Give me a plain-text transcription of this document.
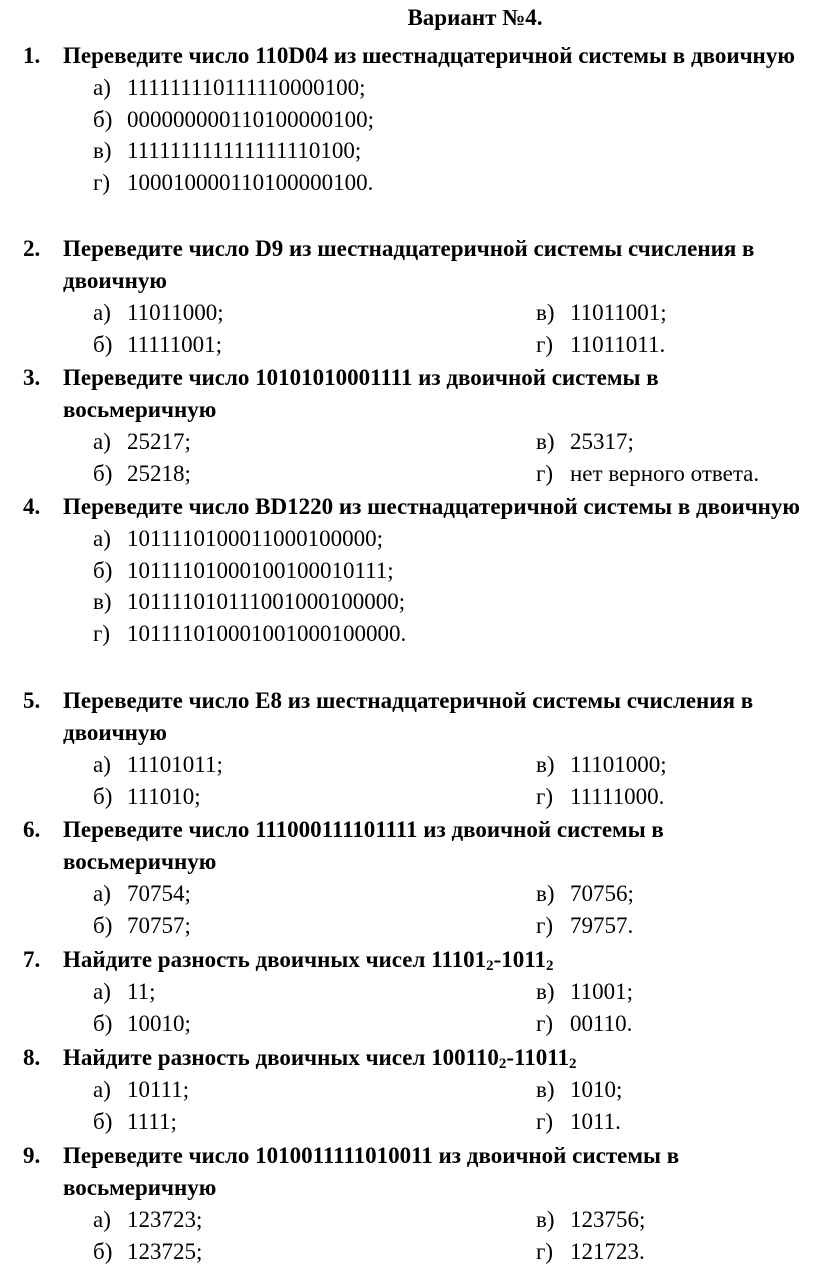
Вариант №4.
1. Переведите число 110D04 из шестнадцатеричной системы в двоичную
а) 111111110111110000100;
б) 000000000110100000100;
в) 111111111111111110100;
г) 100010000110100000100.
2. Переведите число D9 из шестнадцатеричной системы счисления в двоичную
а) 11011000;
б) 11111001;
в) 11011001;
г) 11011011.
3. Переведите число 10101010001111 из двоичной системы в восьмеричную
а) 25217;
б) 25218;
в) 25317;
г) нет верного ответа.
4. Переведите число BD1220 из шестнадцатеричной системы в двоичную
а) 1011110100011000100000;
б) 10111101000100100010111;
в) 101111010111001000100000;
г) 101111010001001000100000.
5. Переведите число E8 из шестнадцатеричной системы счисления в двоичную
а) 11101011;
б) 111010;
в) 11101000;
г) 11111000.
6. Переведите число 111000111101111 из двоичной системы в восьмеричную
а) 70754;
б) 70757;
в) 70756;
г) 79757.
7. Найдите разность двоичных чисел $11101_2-1011_2$
а) 11;
б) 10010;
в) 11001;
г) 00110.
8. Найдите разность двоичных чисел $100110_2-11011_2$
а) 10111;
б) 1111;
в) 1010;
г) 1011.
9. Переведите число 1010011111010011 из двоичной системы в восьмеричную
а) 123723;
б) 123725;
в) 123756;
г) 121723.
